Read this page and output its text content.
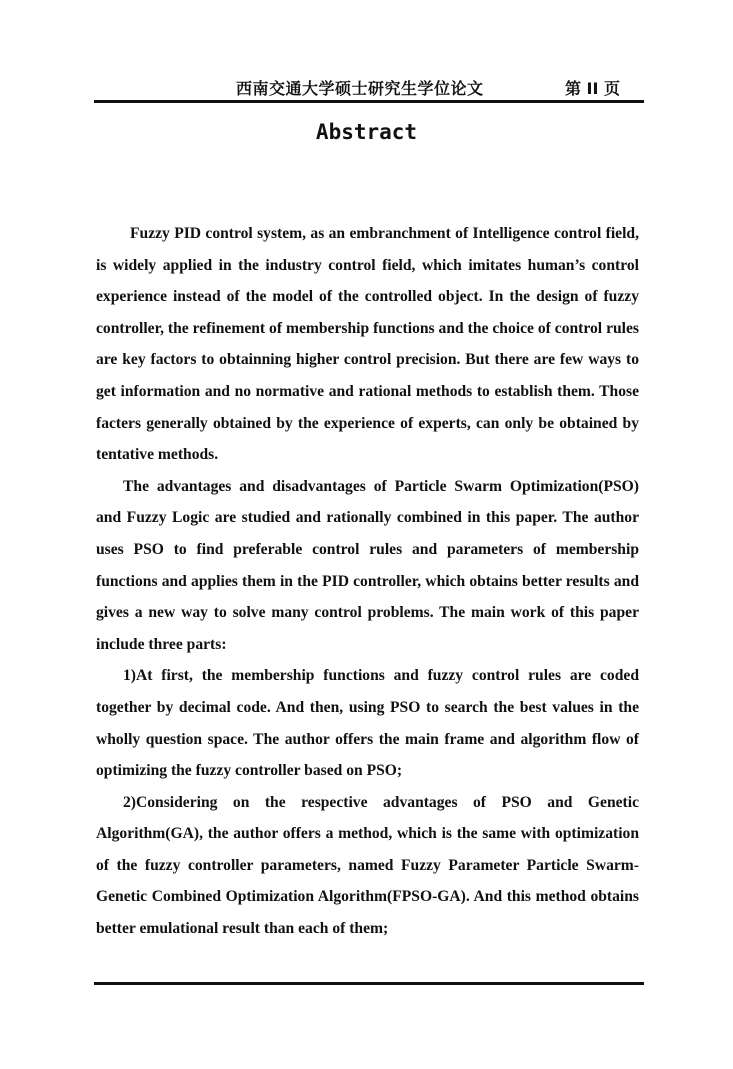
西南交通大学硕士研究生学位论文	第 II 页
Abstract

Fuzzy PID control system, as an embranchment of Intelligence control field, is widely applied in the industry control field, which imitates human’s control experience instead of the model of the controlled object. In the design of fuzzy controller, the refinement of membership functions and the choice of control rules are key factors to obtainning higher control precision. But there are few ways to get information and no normative and rational methods to establish them. Those facters generally obtained by the experience of experts, can only be obtained by tentative methods.

The advantages and disadvantages of Particle Swarm Optimization(PSO) and Fuzzy Logic are studied and rationally combined in this paper. The author uses PSO to find preferable control rules and parameters of membership functions and applies them in the PID controller, which obtains better results and gives a new way to solve many control problems. The main work of this paper include three parts:

1)At first, the membership functions and fuzzy control rules are coded together by decimal code. And then, using PSO to search the best values in the wholly question space. The author offers the main frame and algorithm flow of optimizing the fuzzy controller based on PSO;

2)Considering on the respective advantages of PSO and Genetic Algorithm(GA), the author offers a method, which is the same with optimization of the fuzzy controller parameters, named Fuzzy Parameter Particle Swarm-Genetic Combined Optimization Algorithm(FPSO-GA). And this method obtains better emulational result than each of them;
